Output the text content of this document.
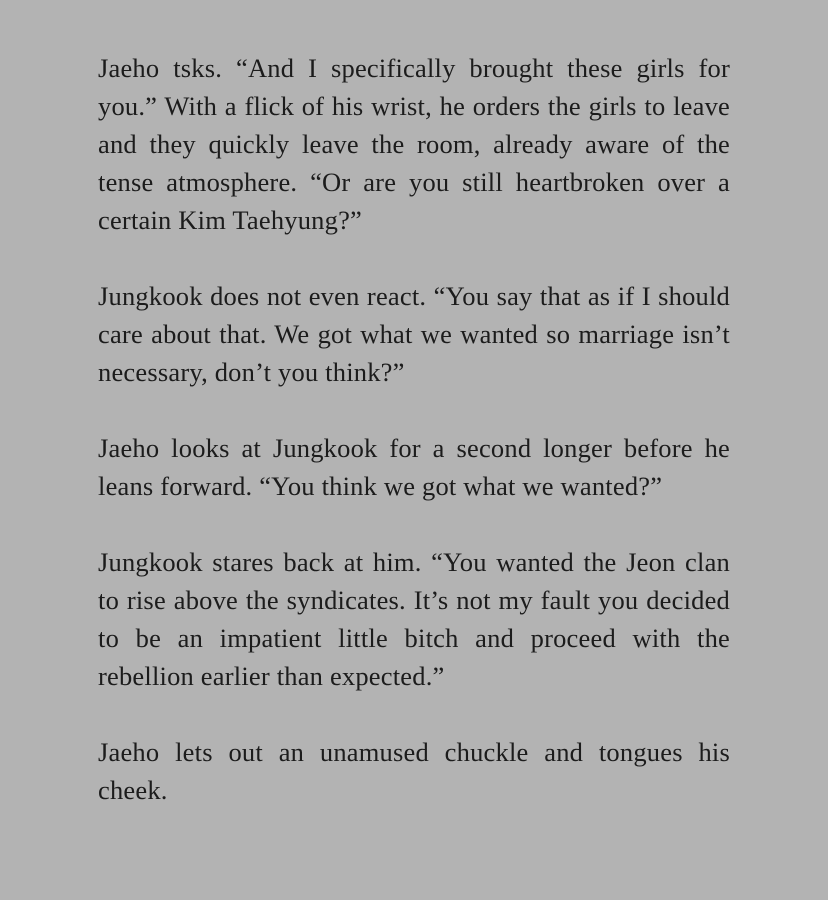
Jaeho tsks. “And I specifically brought these girls for you.” With a flick of his wrist, he orders the girls to leave and they quickly leave the room, already aware of the tense atmosphere. “Or are you still heartbroken over a certain Kim Taehyung?”

Jungkook does not even react. “You say that as if I should care about that. We got what we wanted so marriage isn’t necessary, don’t you think?”

Jaeho looks at Jungkook for a second longer before he leans forward. “You think we got what we wanted?”

Jungkook stares back at him. “You wanted the Jeon clan to rise above the syndicates. It’s not my fault you decided to be an impatient little bitch and proceed with the rebellion earlier than expected.”

Jaeho lets out an unamused chuckle and tongues his cheek.
